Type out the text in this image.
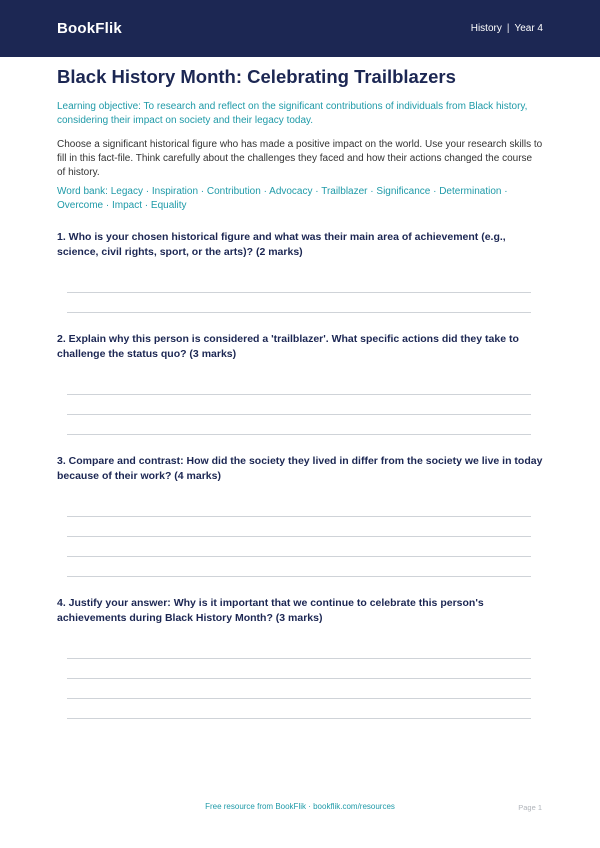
BookFlik	History | Year 4
Black History Month: Celebrating Trailblazers

Learning objective: To research and reflect on the significant contributions of individuals from Black history, considering their impact on society and their legacy today.

Choose a significant historical figure who has made a positive impact on the world. Use your research skills to fill in this fact-file. Think carefully about the challenges they faced and how their actions changed the course of history.

Word bank: Legacy · Inspiration · Contribution · Advocacy · Trailblazer · Significance · Determination · Overcome · Impact · Equality

1. Who is your chosen historical figure and what was their main area of achievement (e.g., science, civil rights, sport, or the arts)? (2 marks)

2. Explain why this person is considered a 'trailblazer'. What specific actions did they take to challenge the status quo? (3 marks)

3. Compare and contrast: How did the society they lived in differ from the society we live in today because of their work? (4 marks)

4. Justify your answer: Why is it important that we continue to celebrate this person's achievements during Black History Month? (3 marks)

Free resource from BookFlik · bookflik.com/resources	Page 1
